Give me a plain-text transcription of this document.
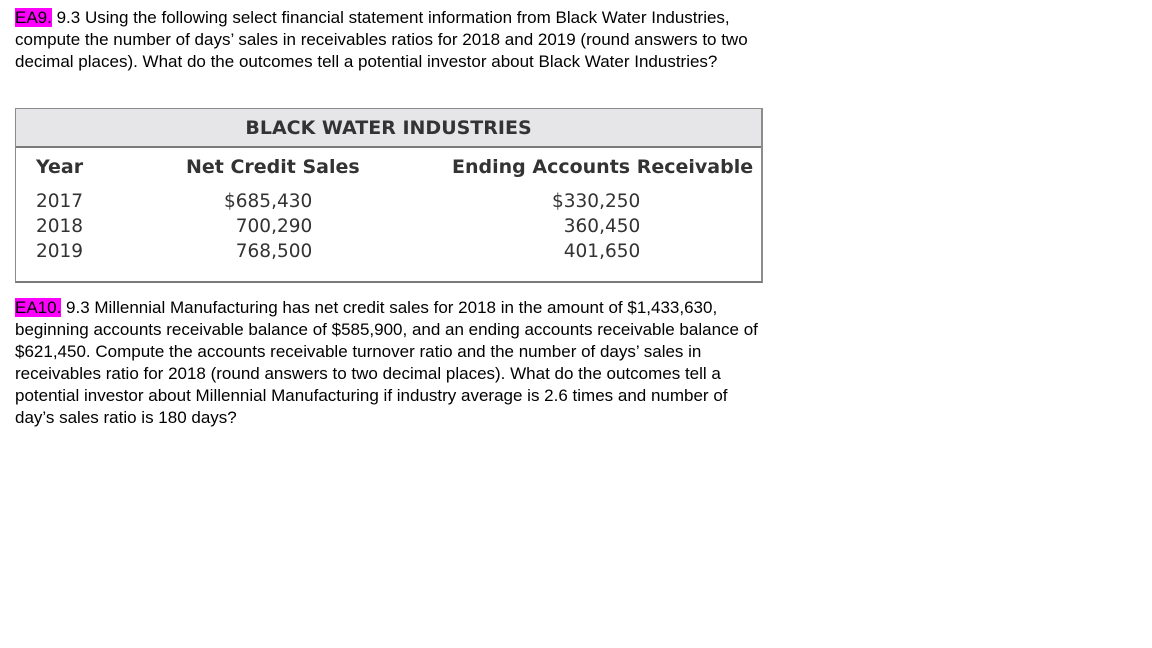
EA9. 9.3 Using the following select financial statement information from Black Water Industries, compute the number of days’ sales in receivables ratios for 2018 and 2019 (round answers to two decimal places). What do the outcomes tell a potential investor about Black Water Industries?
BLACK WATER INDUSTRIES
Year
2017
2018
2019
Net Credit Sales
$685,430
700,290
768,500
Ending Accounts Receivable
$330,250
360,450
401,650
EA10. 9.3 Millennial Manufacturing has net credit sales for 2018 in the amount of $1,433,630, beginning accounts receivable balance of $585,900, and an ending accounts receivable balance of $621,450. Compute the accounts receivable turnover ratio and the number of days’ sales in receivables ratio for 2018 (round answers to two decimal places). What do the outcomes tell a potential investor about Millennial Manufacturing if industry average is 2.6 times and number of day’s sales ratio is 180 days?
